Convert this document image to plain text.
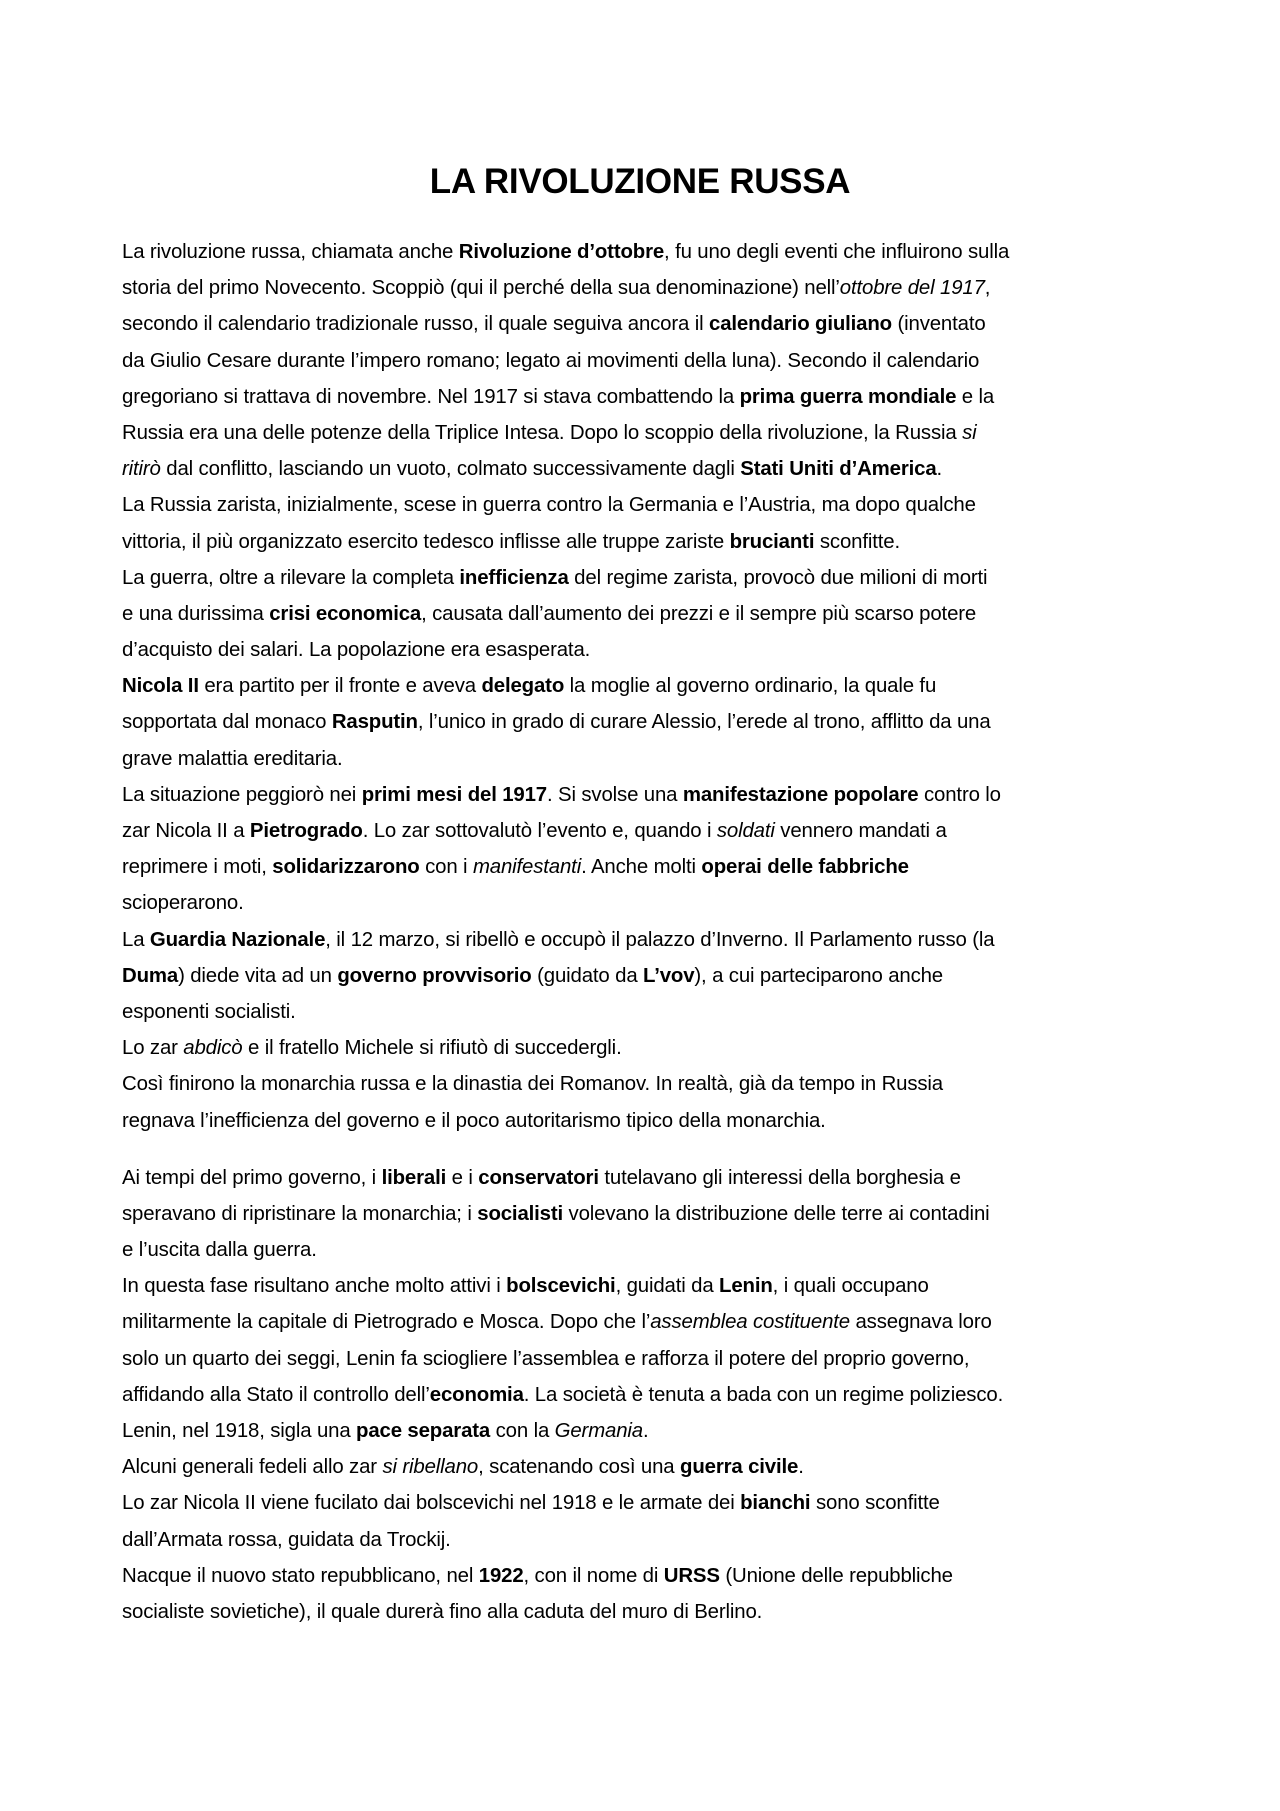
LA RIVOLUZIONE RUSSA
La rivoluzione russa, chiamata anche Rivoluzione d’ottobre, fu uno degli eventi che influirono sulla
storia del primo Novecento. Scoppiò (qui il perché della sua denominazione) nell’ottobre del 1917,
secondo il calendario tradizionale russo, il quale seguiva ancora il calendario giuliano (inventato
da Giulio Cesare durante l’impero romano; legato ai movimenti della luna). Secondo il calendario
gregoriano si trattava di novembre. Nel 1917 si stava combattendo la prima guerra mondiale e la
Russia era una delle potenze della Triplice Intesa. Dopo lo scoppio della rivoluzione, la Russia si
ritirò dal conflitto, lasciando un vuoto, colmato successivamente dagli Stati Uniti d’America.
La Russia zarista, inizialmente, scese in guerra contro la Germania e l’Austria, ma dopo qualche
vittoria, il più organizzato esercito tedesco inflisse alle truppe zariste brucianti sconfitte.
La guerra, oltre a rilevare la completa inefficienza del regime zarista, provocò due milioni di morti
e una durissima crisi economica, causata dall’aumento dei prezzi e il sempre più scarso potere
d’acquisto dei salari. La popolazione era esasperata.
Nicola II era partito per il fronte e aveva delegato la moglie al governo ordinario, la quale fu
sopportata dal monaco Rasputin, l’unico in grado di curare Alessio, l’erede al trono, afflitto da una
grave malattia ereditaria.
La situazione peggiorò nei primi mesi del 1917. Si svolse una manifestazione popolare contro lo
zar Nicola II a Pietrogrado. Lo zar sottovalutò l’evento e, quando i soldati vennero mandati a
reprimere i moti, solidarizzarono con i manifestanti. Anche molti operai delle fabbriche
scioperarono.
La Guardia Nazionale, il 12 marzo, si ribellò e occupò il palazzo d’Inverno. Il Parlamento russo (la
Duma) diede vita ad un governo provvisorio (guidato da L’vov), a cui parteciparono anche
esponenti socialisti.
Lo zar abdicò e il fratello Michele si rifiutò di succedergli.
Così finirono la monarchia russa e la dinastia dei Romanov. In realtà, già da tempo in Russia
regnava l’inefficienza del governo e il poco autoritarismo tipico della monarchia.
Ai tempi del primo governo, i liberali e i conservatori tutelavano gli interessi della borghesia e
speravano di ripristinare la monarchia; i socialisti volevano la distribuzione delle terre ai contadini
e l’uscita dalla guerra.
In questa fase risultano anche molto attivi i bolscevichi, guidati da Lenin, i quali occupano
militarmente la capitale di Pietrogrado e Mosca. Dopo che l’assemblea costituente assegnava loro
solo un quarto dei seggi, Lenin fa sciogliere l’assemblea e rafforza il potere del proprio governo,
affidando alla Stato il controllo dell’economia. La società è tenuta a bada con un regime poliziesco.
Lenin, nel 1918, sigla una pace separata con la Germania.
Alcuni generali fedeli allo zar si ribellano, scatenando così una guerra civile.
Lo zar Nicola II viene fucilato dai bolscevichi nel 1918 e le armate dei bianchi sono sconfitte
dall’Armata rossa, guidata da Trockij.
Nacque il nuovo stato repubblicano, nel 1922, con il nome di URSS (Unione delle repubbliche
socialiste sovietiche), il quale durerà fino alla caduta del muro di Berlino.
